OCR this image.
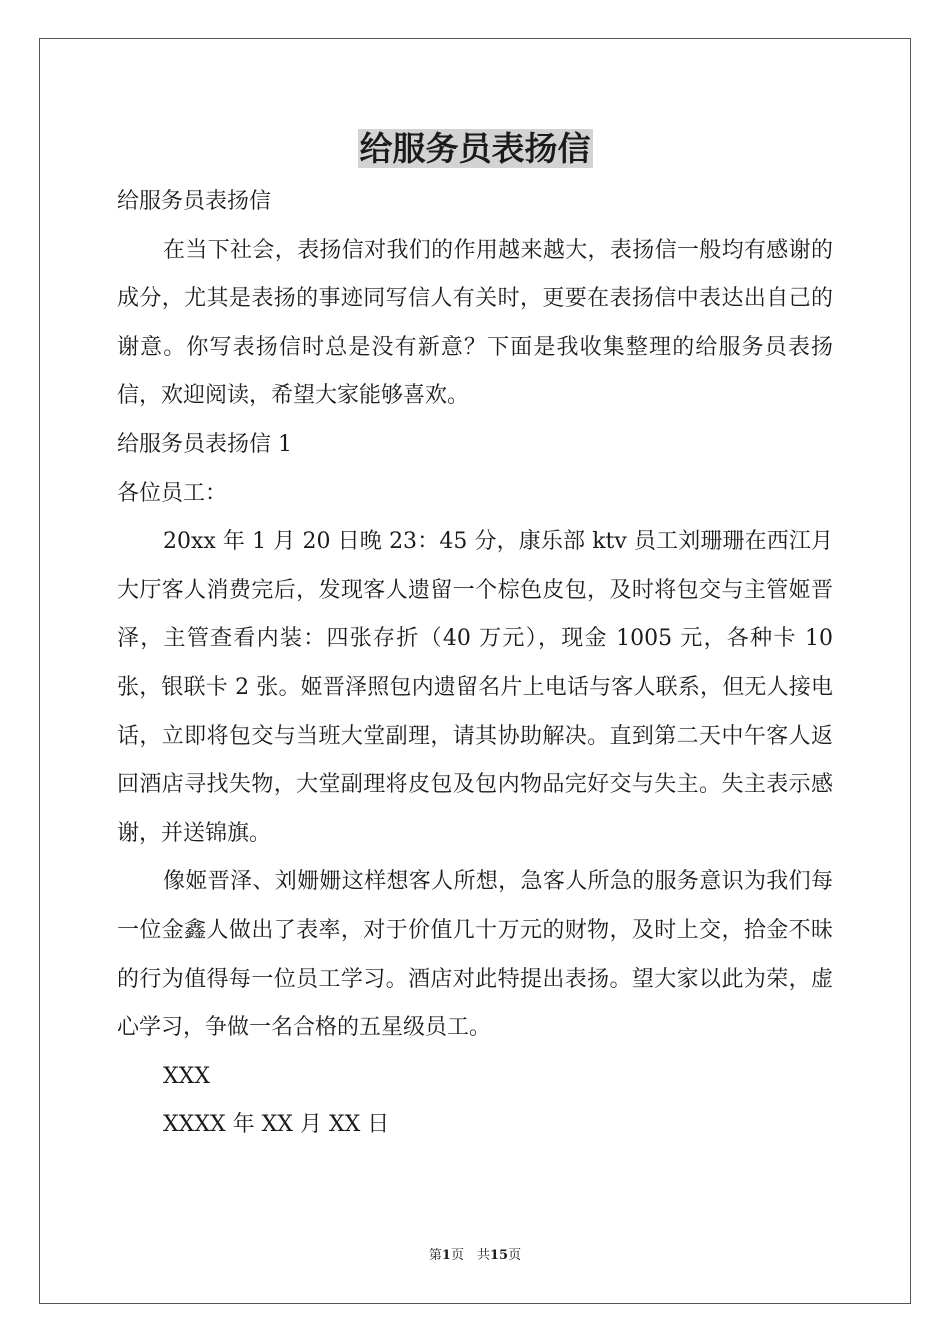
给服务员表扬信

给服务员表扬信

在当下社会，表扬信对我们的作用越来越大，表扬信一般均有感谢的成分，尤其是表扬的事迹同写信人有关时，更要在表扬信中表达出自己的谢意。你写表扬信时总是没有新意？下面是我收集整理的给服务员表扬信，欢迎阅读，希望大家能够喜欢。

给服务员表扬信 1

各位员工：

20xx 年 1 月 20 日晚 23：45 分，康乐部 ktv 员工刘珊珊在西江月大厅客人消费完后，发现客人遗留一个棕色皮包，及时将包交与主管姬晋泽，主管查看内装：四张存折（40 万元），现金 1005 元，各种卡 10 张，银联卡 2 张。姬晋泽照包内遗留名片上电话与客人联系，但无人接电话，立即将包交与当班大堂副理，请其协助解决。直到第二天中午客人返回酒店寻找失物，大堂副理将皮包及包内物品完好交与失主。失主表示感谢，并送锦旗。

像姬晋泽、刘姗姗这样想客人所想，急客人所急的服务意识为我们每一位金鑫人做出了表率，对于价值几十万元的财物，及时上交，拾金不昧的行为值得每一位员工学习。酒店对此特提出表扬。望大家以此为荣，虚心学习，争做一名合格的五星级员工。

XXX

XXXX 年 XX 月 XX 日

第1页　共15页
